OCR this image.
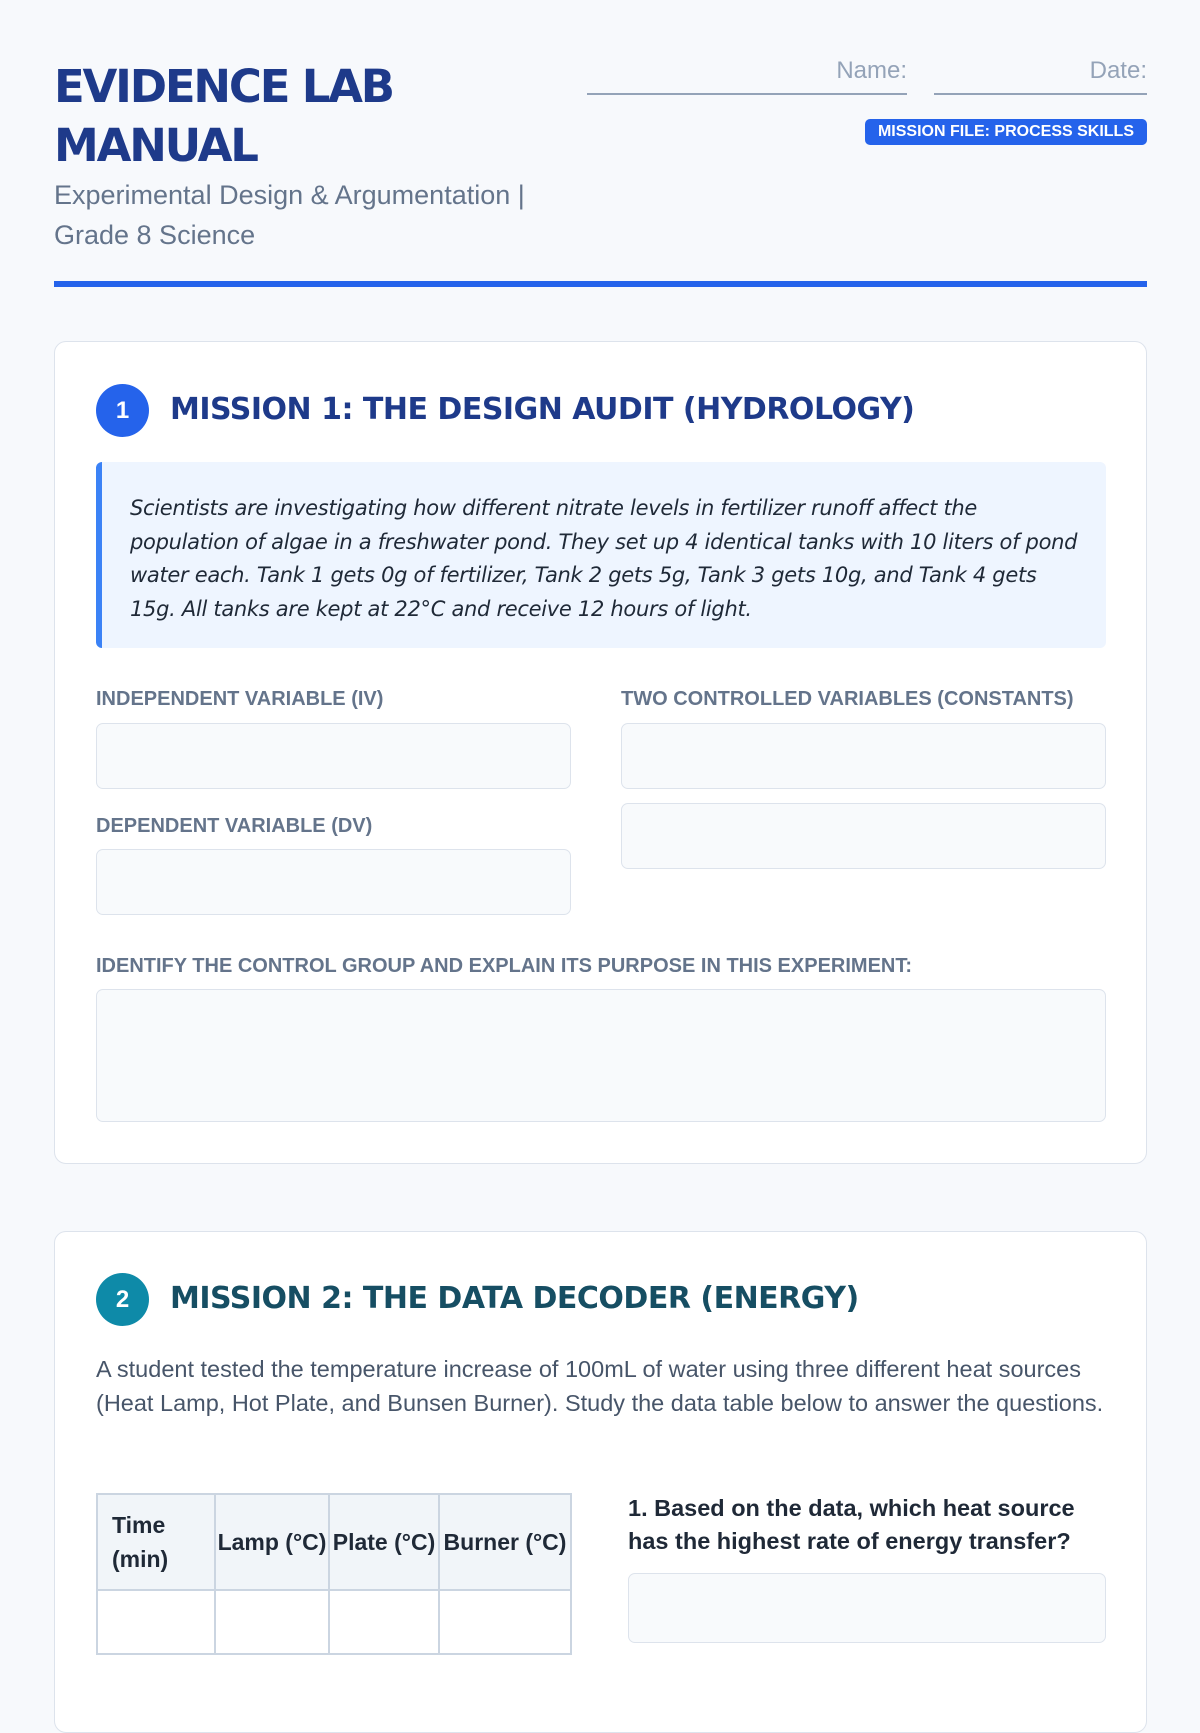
EVIDENCE LAB MANUAL
Experimental Design & Argumentation | Grade 8 Science
Name:	Date:
MISSION FILE: PROCESS SKILLS
1	MISSION 1: THE DESIGN AUDIT (HYDROLOGY)
Scientists are investigating how different nitrate levels in fertilizer runoff affect the population of algae in a freshwater pond. They set up 4 identical tanks with 10 liters of pond water each. Tank 1 gets 0g of fertilizer, Tank 2 gets 5g, Tank 3 gets 10g, and Tank 4 gets 15g. All tanks are kept at 22°C and receive 12 hours of light.
INDEPENDENT VARIABLE (IV)
DEPENDENT VARIABLE (DV)
TWO CONTROLLED VARIABLES (CONSTANTS)
IDENTIFY THE CONTROL GROUP AND EXPLAIN ITS PURPOSE IN THIS EXPERIMENT:
2	MISSION 2: THE DATA DECODER (ENERGY)
A student tested the temperature increase of 100mL of water using three different heat sources (Heat Lamp, Hot Plate, and Bunsen Burner). Study the data table below to answer the questions.
Time (min)	Lamp (°C)	Plate (°C)	Burner (°C)

1. Based on the data, which heat source has the highest rate of energy transfer?
